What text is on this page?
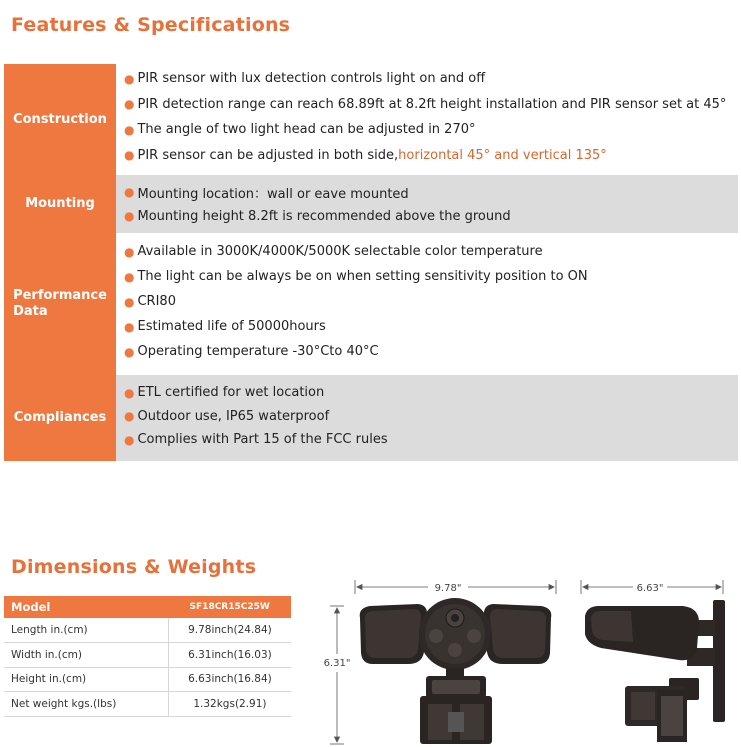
Features & Specifications
Construction
● PIR sensor with lux detection controls light on and off
● PIR detection range can reach 68.89ft at 8.2ft height installation and PIR sensor set at 45°
● The angle of two light head can be adjusted in 270°
● PIR sensor can be adjusted in both side, horizontal 45° and vertical 135°
Mounting
● Mounting location：wall or eave mounted
● Mounting height 8.2ft is recommended above the ground
Performance
Data
● Available in 3000K/4000K/5000K selectable color temperature
● The light can be always be on when setting sensitivity position to ON
● CRI80
● Estimated life of 50000hours
● Operating temperature -30°Cto 40°C
Compliances
● ETL certified for wet location
● Outdoor use, IP65 waterproof
● Complies with Part 15 of the FCC rules
Dimensions & Weights
Model	SF18CR15C25W
Length in.(cm)	9.78inch(24.84)
Width in.(cm)	6.31inch(16.03)
Height in.(cm)	6.63inch(16.84)
Net weight kgs.(lbs)	1.32kgs(2.91)
9.78"
6.31"
6.63"
